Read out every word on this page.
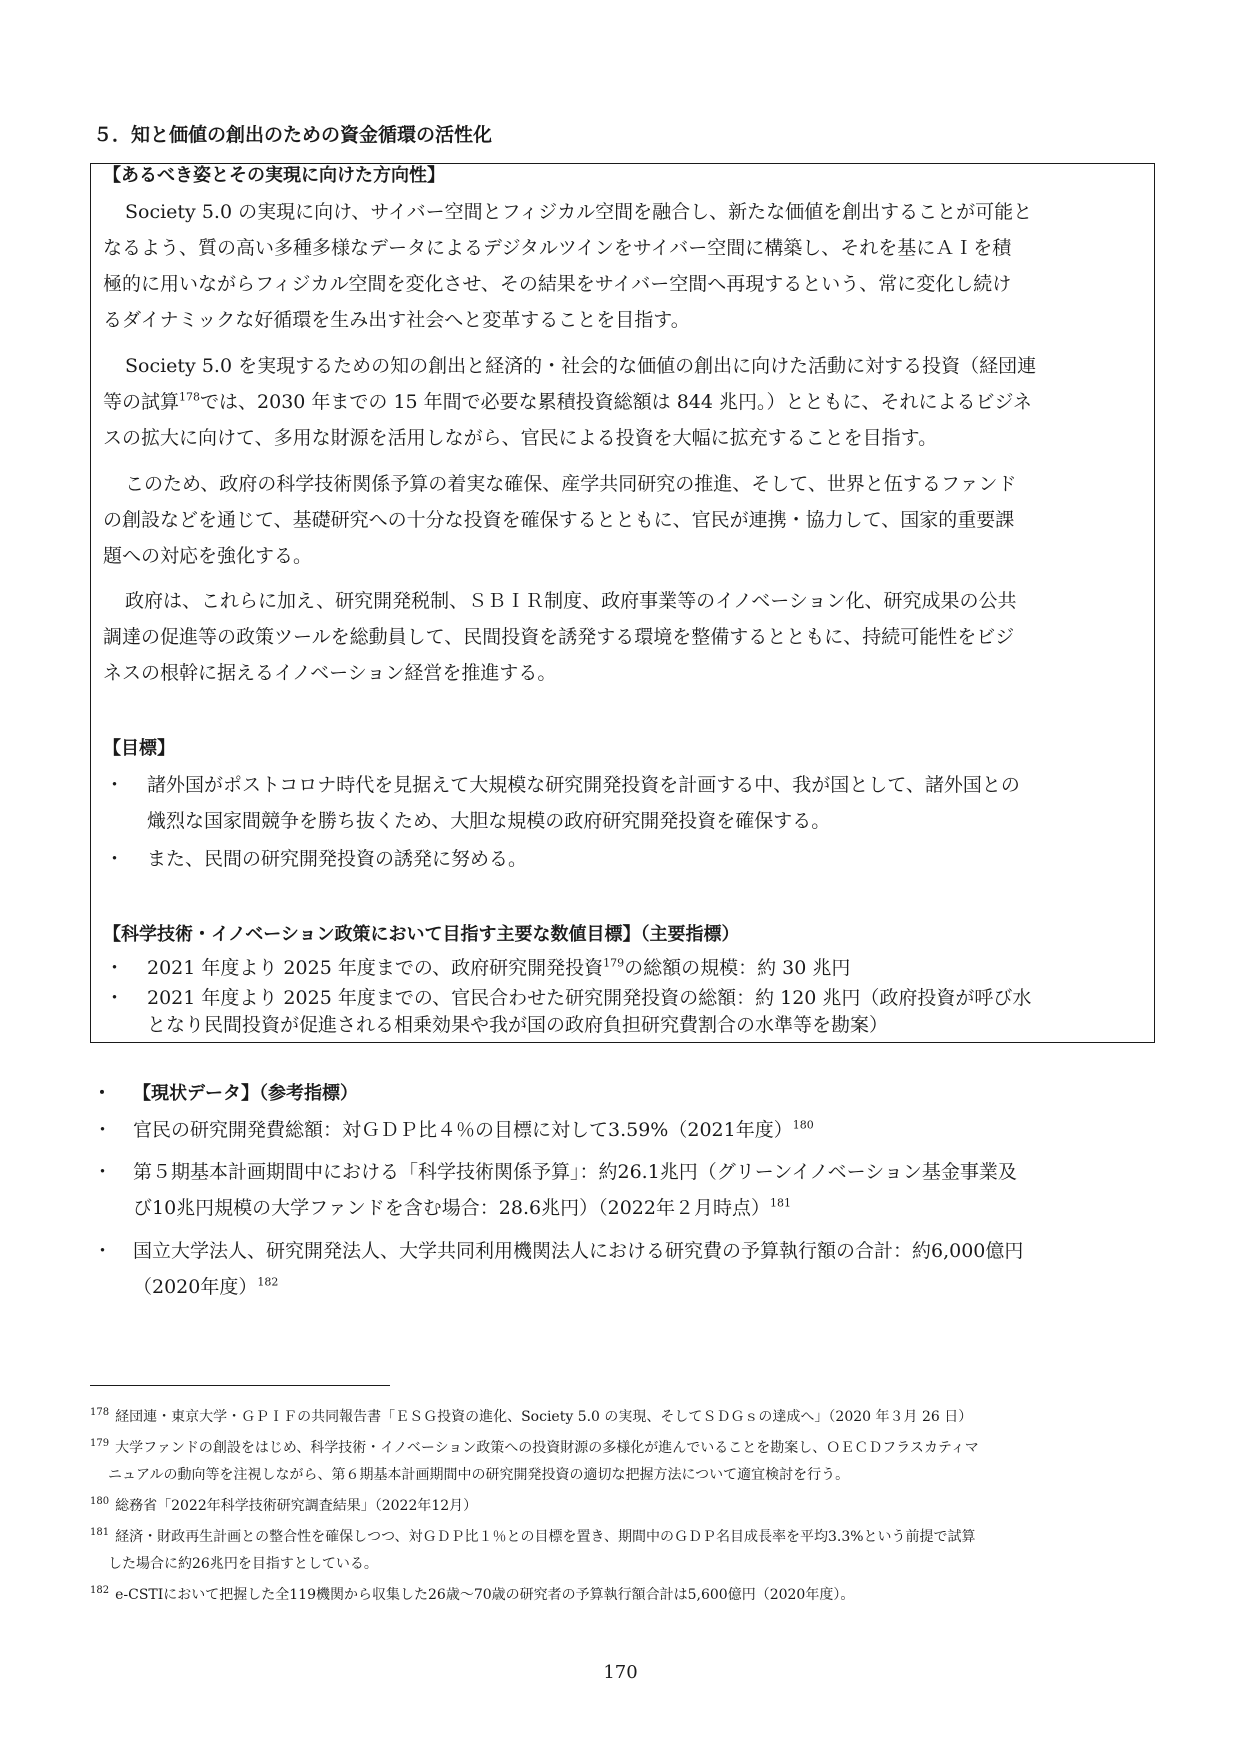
５．知と価値の創出のための資金循環の活性化
【あるべき姿とその実現に向けた方向性】
Society 5.0 の実現に向け、サイバー空間とフィジカル空間を融合し、新たな価値を創出することが可能と
なるよう、質の高い多種多様なデータによるデジタルツインをサイバー空間に構築し、それを基にＡＩを積
極的に用いながらフィジカル空間を変化させ、その結果をサイバー空間へ再現するという、常に変化し続け
るダイナミックな好循環を生み出す社会へと変革することを目指す。
Society 5.0 を実現するための知の創出と経済的・社会的な価値の創出に向けた活動に対する投資（経団連
等の試算$^{178}$では、2030 年までの 15 年間で必要な累積投資総額は 844 兆円。）とともに、それによるビジネ
スの拡大に向けて、多用な財源を活用しながら、官民による投資を大幅に拡充することを目指す。
このため、政府の科学技術関係予算の着実な確保、産学共同研究の推進、そして、世界と伍するファンド
の創設などを通じて、基礎研究への十分な投資を確保するとともに、官民が連携・協力して、国家的重要課
題への対応を強化する。
政府は、これらに加え、研究開発税制、ＳＢＩＲ制度、政府事業等のイノベーション化、研究成果の公共
調達の促進等の政策ツールを総動員して、民間投資を誘発する環境を整備するとともに、持続可能性をビジ
ネスの根幹に据えるイノベーション経営を推進する。
【目標】
・ 諸外国がポストコロナ時代を見据えて大規模な研究開発投資を計画する中、我が国として、諸外国との
熾烈な国家間競争を勝ち抜くため、大胆な規模の政府研究開発投資を確保する。
・ また、民間の研究開発投資の誘発に努める。
【科学技術・イノベーション政策において目指す主要な数値目標】（主要指標）
・ 2021 年度より 2025 年度までの、政府研究開発投資$^{179}$の総額の規模：約 30 兆円
・ 2021 年度より 2025 年度までの、官民合わせた研究開発投資の総額：約 120 兆円（政府投資が呼び水
となり民間投資が促進される相乗効果や我が国の政府負担研究費割合の水準等を勘案）
・ 【現状データ】（参考指標）
・ 官民の研究開発費総額：対ＧＤＰ比４％の目標に対して3.59%（2021年度）$^{180}$
・ 第５期基本計画期間中における「科学技術関係予算」：約26.1兆円（グリーンイノベーション基金事業及
び10兆円規模の大学ファンドを含む場合：28.6兆円）（2022年２月時点）$^{181}$
・ 国立大学法人、研究開発法人、大学共同利用機関法人における研究費の予算執行額の合計：約6,000億円
（2020年度）$^{182}$
$^{178}$ 経団連・東京大学・ＧＰＩＦの共同報告書「ＥＳＧ投資の進化、Society 5.0 の実現、そしてＳＤＧｓの達成へ」（2020 年３月 26 日）
$^{179}$ 大学ファンドの創設をはじめ、科学技術・イノベーション政策への投資財源の多様化が進んでいることを勘案し、ＯＥＣＤフラスカティマ
ニュアルの動向等を注視しながら、第６期基本計画期間中の研究開発投資の適切な把握方法について適宜検討を行う。
$^{180}$ 総務省「2022年科学技術研究調査結果」（2022年12月）
$^{181}$ 経済・財政再生計画との整合性を確保しつつ、対ＧＤＰ比１％との目標を置き、期間中のＧＤＰ名目成長率を平均3.3%という前提で試算
した場合に約26兆円を目指すとしている。
$^{182}$ e-CSTIにおいて把握した全119機関から収集した26歳～70歳の研究者の予算執行額合計は5,600億円（2020年度）。
170
